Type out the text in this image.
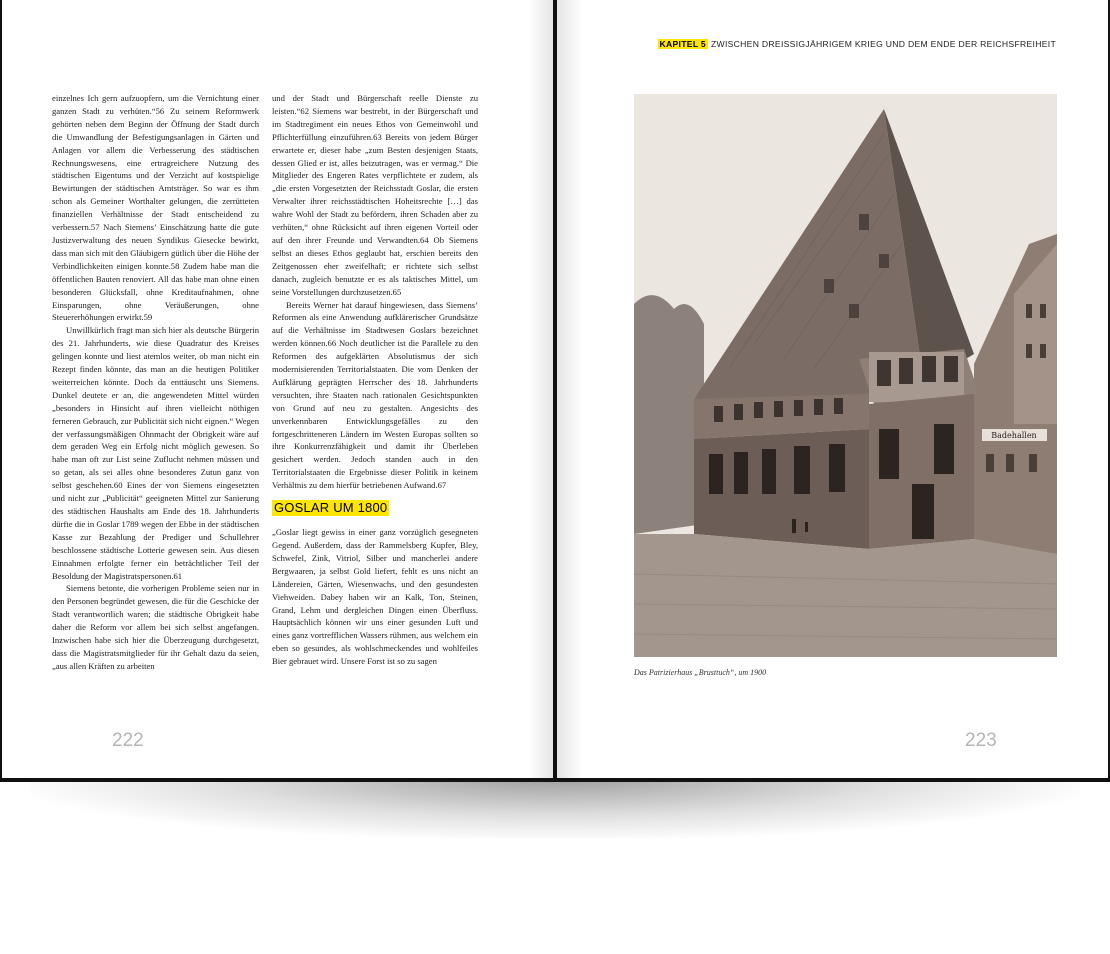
einzelnes Ich gern aufzuopfern, um die Vernichtung einer ganzen Stadt zu verhüten.“56 Zu seinem Reformwerk gehörten neben dem Beginn der Öffnung der Stadt durch die Umwandlung der Befestigungsanlagen in Gärten und Anlagen vor allem die Verbesserung des städtischen Rechnungswesens, eine ertragreichere Nutzung des städtischen Eigentums und der Verzicht auf kostspielige Bewirtungen der städtischen Amtsträger. So war es ihm schon als Gemeiner Worthalter gelungen, die zerrütteten finanziellen Verhältnisse der Stadt entscheidend zu verbessern.57 Nach Siemens’ Einschätzung hatte die gute Justizverwaltung des neuen Syndikus Giesecke bewirkt, dass man sich mit den Gläubigern gütlich über die Höhe der Verbindlichkeiten einigen konnte.58 Zudem habe man die öffentlichen Bauten renoviert. All das habe man ohne einen besonderen Glücksfall, ohne Kreditaufnahmen, ohne Einsparungen, ohne Veräußerungen, ohne Steuererhöhungen erwirkt.59

Unwillkürlich fragt man sich hier als deutsche Bürgerin des 21. Jahrhunderts, wie diese Quadratur des Kreises gelingen konnte und liest atemlos weiter, ob man nicht ein Rezept finden könnte, das man an die heutigen Politiker weiterreichen könnte. Doch da enttäuscht uns Siemens. Dunkel deutete er an, die angewendeten Mittel würden „besonders in Hinsicht auf ihren vielleicht nöthigen ferneren Gebrauch, zur Publicität sich nicht eignen.“ Wegen der verfassungsmäßigen Ohnmacht der Obrigkeit wäre auf dem geraden Weg ein Erfolg nicht möglich gewesen. So habe man oft zur List seine Zuflucht nehmen müssen und so getan, als sei alles ohne besonderes Zutun ganz von selbst geschehen.60 Eines der von Siemens eingesetzten und nicht zur „Publicität“ geeigneten Mittel zur Sanierung des städtischen Haushalts am Ende des 18. Jahrhunderts dürfte die in Goslar 1789 wegen der Ebbe in der städtischen Kasse zur Bezahlung der Prediger und Schullehrer beschlossene städtische Lotterie gewesen sein. Aus diesen Einnahmen erfolgte ferner ein beträchtlicher Teil der Besoldung der Magistratspersonen.61

Siemens betonte, die vorherigen Probleme seien nur in den Personen begründet gewesen, die für die Geschicke der Stadt verantwortlich waren; die städtische Obrigkeit habe daher die Reform vor allem bei sich selbst angefangen. Inzwischen habe sich hier die Überzeugung durchgesetzt, dass die Magistratsmitglieder für ihr Gehalt dazu da seien, „aus allen Kräften zu arbeiten

und der Stadt und Bürgerschaft reelle Dienste zu leisten.“62 Siemens war bestrebt, in der Bürgerschaft und im Stadtregiment ein neues Ethos von Gemeinwohl und Pflichterfüllung einzuführen.63 Bereits von jedem Bürger erwartete er, dieser habe „zum Besten desjenigen Staats, dessen Glied er ist, alles beizutragen, was er vermag.“ Die Mitglieder des Engeren Rates verpflichtete er zudem, als „die ersten Vorgesetzten der Reichsstadt Goslar, die ersten Verwalter ihrer reichsstädtischen Hoheitsrechte […] das wahre Wohl der Stadt zu befördern, ihren Schaden aber zu verhüten,“ ohne Rücksicht auf ihren eigenen Vorteil oder auf den ihrer Freunde und Verwandten.64 Ob Siemens selbst an dieses Ethos geglaubt hat, erschien bereits den Zeitgenossen eher zweifelhaft; er richtete sich selbst danach, zugleich benutzte er es als taktisches Mittel, um seine Vorstellungen durchzusetzen.65

Bereits Werner hat darauf hingewiesen, dass Siemens’ Reformen als eine Anwendung aufklärerischer Grundsätze auf die Verhältnisse im Stadtwesen Goslars bezeichnet werden können.66 Noch deutlicher ist die Parallele zu den Reformen des aufgeklärten Absolutismus der sich modernisierenden Territorialstaaten. Die vom Denken der Aufklärung geprägten Herrscher des 18. Jahrhunderts versuchten, ihre Staaten nach rationalen Gesichtspunkten von Grund auf neu zu gestalten. Angesichts des unverkennbaren Entwicklungsgefälles zu den fortgeschritteneren Ländern im Westen Europas sollten so ihre Konkurrenzfähigkeit und damit ihr Überleben gesichert werden. Jedoch standen auch in den Territorialstaaten die Ergebnisse dieser Politik in keinem Verhältnis zu dem hierfür betriebenen Aufwand.67

GOSLAR UM 1800

„Goslar liegt gewiss in einer ganz vorzüglich gesegneten Gegend. Außerdem, dass der Rammelsberg Kupfer, Bley, Schwefel, Zink, Vitriol, Silber und mancherlei andere Bergwaaren, ja selbst Gold liefert, fehlt es uns nicht an Ländereien, Gärten, Wiesenwachs, und den gesundesten Viehweiden. Dabey haben wir an Kalk, Ton, Steinen, Grand, Lehm und dergleichen Dingen einen Überfluss. Hauptsächlich können wir uns einer gesunden Luft und eines ganz vortrefflichen Wassers rühmen, aus welchem ein eben so gesundes, als wohlschmeckendes und wohlfeiles Bier gebrauet wird. Unsere Forst ist so zu sagen

222
KAPITEL 5 ZWISCHEN DREISSIGJÄHRIGEM KRIEG UND DEM ENDE DER REICHSFREIHEIT
Badehallen
Das Patrizierhaus „Brusttuch“, um 1900
223
